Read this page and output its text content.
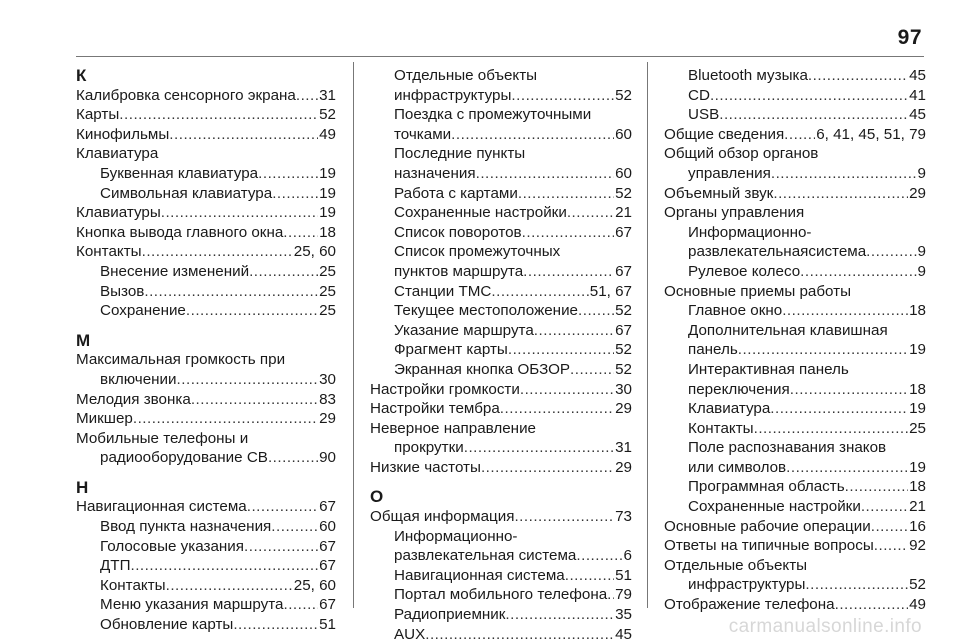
97
К
Калибровка сенсорного экрана ..... 31
Карты .....	52
Кинофильмы .....	49
Клавиатура
Буквенная клавиатура .....	19
Символьная клавиатура .....	19
Клавиатуры .....	19
Кнопка вывода главного окна ..... 18
Контакты .....	25, 60
Внесение изменений .....	25
Вызов .....	25
Сохранение .....	25
М
Максимальная громкость при
включении .....	30
Мелодия звонка .....	83
Микшер .....	29
Мобильные телефоны и
радиооборудование СВ .....	90
Н
Навигационная система .....	67
Ввод пункта назначения .....	60
Голосовые указания .....	67
ДТП .....	67
Контакты .....	25, 60
Меню указания маршрута ..... 67
Обновление карты .....	51
Отдельные объекты
инфраструктуры .....	52
Поездка с промежуточными
точками .....	60
Последние пункты
назначения .....	60
Работа с картами .....	52
Сохраненные настройки .....	21
Список поворотов .....	67
Список промежуточных
пунктов маршрута .....	67
Станции TMC .....	51, 67
Текущее местоположение ..... 52
Указание маршрута .....	67
Фрагмент карты .....	52
Экранная кнопка ОБЗОР .....	52
Настройки громкости .....	30
Настройки тембра .....	29
Неверное направление
прокрутки .....	31
Низкие частоты .....	29
О
Общая информация .....	73
Информационно-
развлекательная система .....	6
Навигационная система .....	51
Портал мобильного телефона ..... 79
Радиоприемник .....	35
AUX .....	45
Bluetooth музыка .....	45
CD .....	41
USB .....	45
Общие сведения ..... 6, 41, 45, 51, 79
Общий обзор органов
управления .....	9
Объемный звук .....	29
Органы управления
Информационно-
развлекательнаясистема .....	9
Рулевое колесо .....	9
Основные приемы работы
Главное окно .....	18
Дополнительная клавишная
панель .....	19
Интерактивная панель
переключения .....	18
Клавиатура .....	19
Контакты .....	25
Поле распознавания знаков
или символов .....	19
Программная область .....	18
Сохраненные настройки .....	21
Основные рабочие операции .....	16
Ответы на типичные вопросы ..... 92
Отдельные объекты
инфраструктуры .....	52
Отображение телефона .....	49
carmanualsonline.info
